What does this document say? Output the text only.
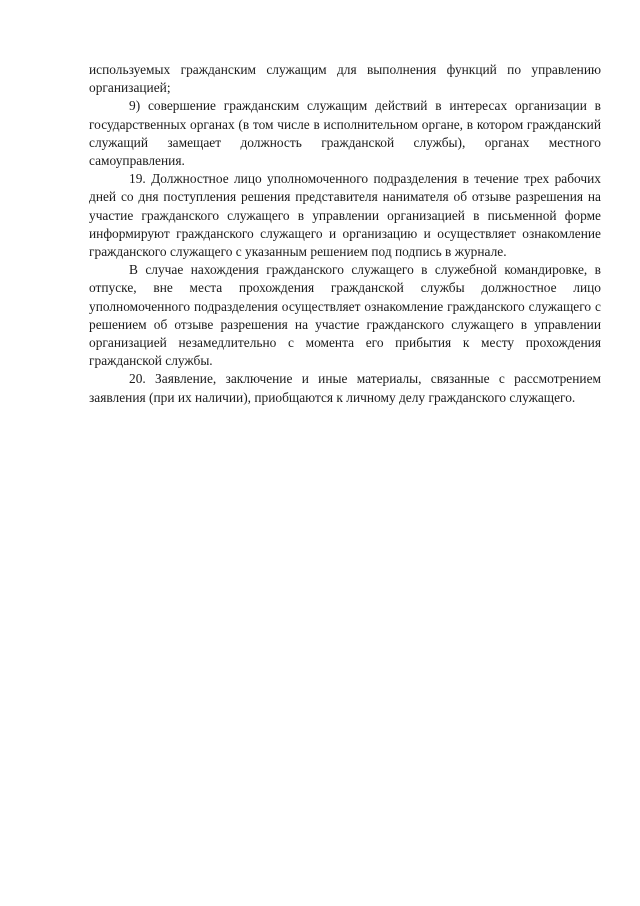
используемых гражданским служащим для выполнения функций по управлению организацией;

9) совершение гражданским служащим действий в интересах организации в государственных органах (в том числе в исполнительном органе, в котором гражданский служащий замещает должность гражданской службы), органах местного самоуправления.

19. Должностное лицо уполномоченного подразделения в течение трех рабочих дней со дня поступления решения представителя нанимателя об отзыве разрешения на участие гражданского служащего в управлении организацией в письменной форме информируют гражданского служащего и организацию и осуществляет ознакомление гражданского служащего с указанным решением под подпись в журнале.

В случае нахождения гражданского служащего в служебной командировке, в отпуске, вне места прохождения гражданской службы должностное лицо уполномоченного подразделения осуществляет ознакомление гражданского служащего с решением об отзыве разрешения на участие гражданского служащего в управлении организацией незамедлительно с момента его прибытия к месту прохождения гражданской службы.

20. Заявление, заключение и иные материалы, связанные с рассмотрением заявления (при их наличии), приобщаются к личному делу гражданского служащего.
